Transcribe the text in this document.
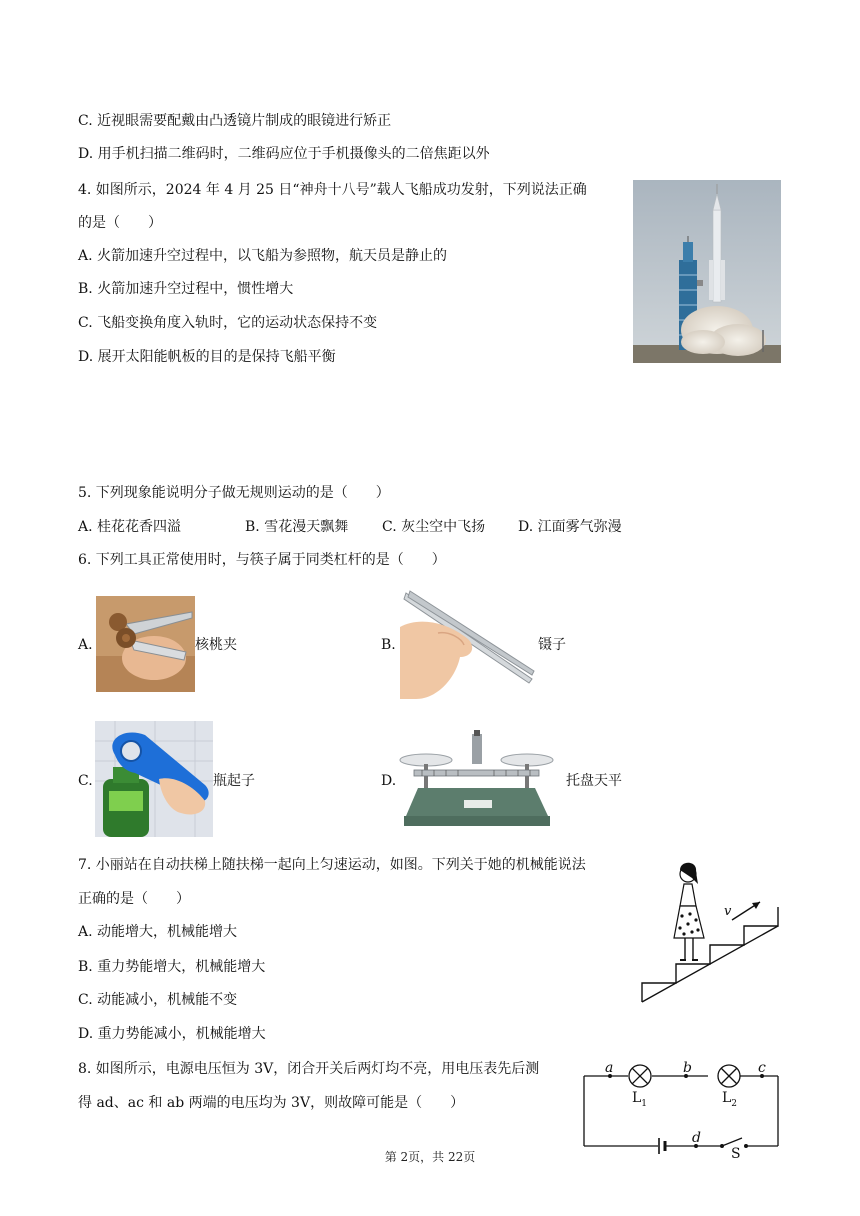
C. 近视眼需要配戴由凸透镜片制成的眼镜进行矫正
D. 用手机扫描二维码时，二维码应位于手机摄像头的二倍焦距以外
4. 如图所示，2024 年 4 月 25 日“神舟十八号”载人飞船成功发射，下列说法正确
的是（　　）
A. 火箭加速升空过程中，以飞船为参照物，航天员是静止的
B. 火箭加速升空过程中，惯性增大
C. 飞船变换角度入轨时，它的运动状态保持不变
D. 展开太阳能帆板的目的是保持飞船平衡
5. 下列现象能说明分子做无规则运动的是（　　）
A. 桂花花香四溢	B. 雪花漫天飘舞 C. 灰尘空中飞扬 D. 江面雾气弥漫
6. 下列工具正常使用时，与筷子属于同类杠杆的是（　　）
A.	核桃夹	B.	镊子
C.	瓶起子	D.	托盘天平
7. 小丽站在自动扶梯上随扶梯一起向上匀速运动，如图。下列关于她的机械能说法
正确的是（　　）
A. 动能增大，机械能增大
B. 重力势能增大，机械能增大
C. 动能减小，机械能不变
D. 重力势能减小，机械能增大
v
8. 如图所示，电源电压恒为 3V，闭合开关后两灯均不亮，用电压表先后测
得 ad、ac 和 ab 两端的电压均为 3V，则故障可能是（　　）
a	b	c
d
$L_1$	$L_2$
S
第 2页，共 22页
